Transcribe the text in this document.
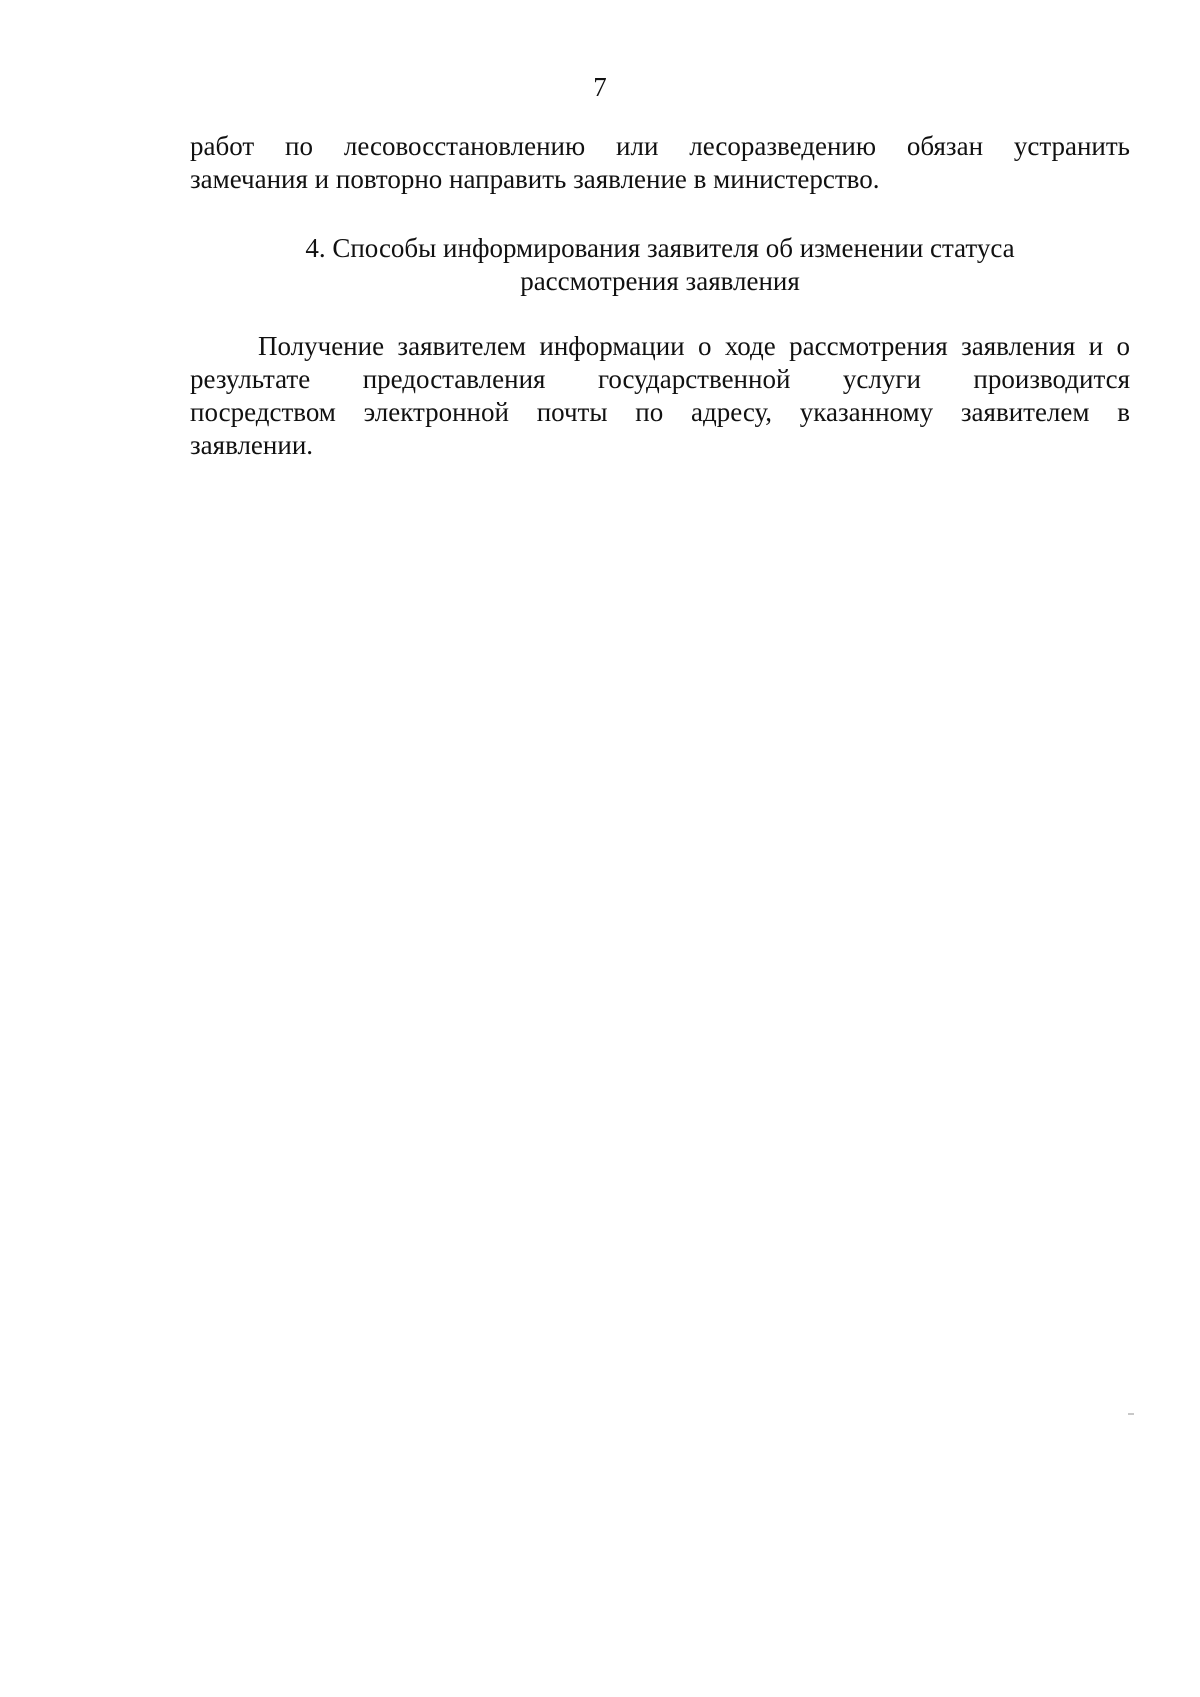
7
работ по лесовосстановлению или лесоразведению обязан устранить
замечания и повторно направить заявление в министерство.
4. Способы информирования заявителя об изменении статуса
рассмотрения заявления
Получение заявителем информации о ходе рассмотрения заявления и о
результате предоставления государственной услуги производится
посредством электронной почты по адресу, указанному заявителем в
заявлении.
